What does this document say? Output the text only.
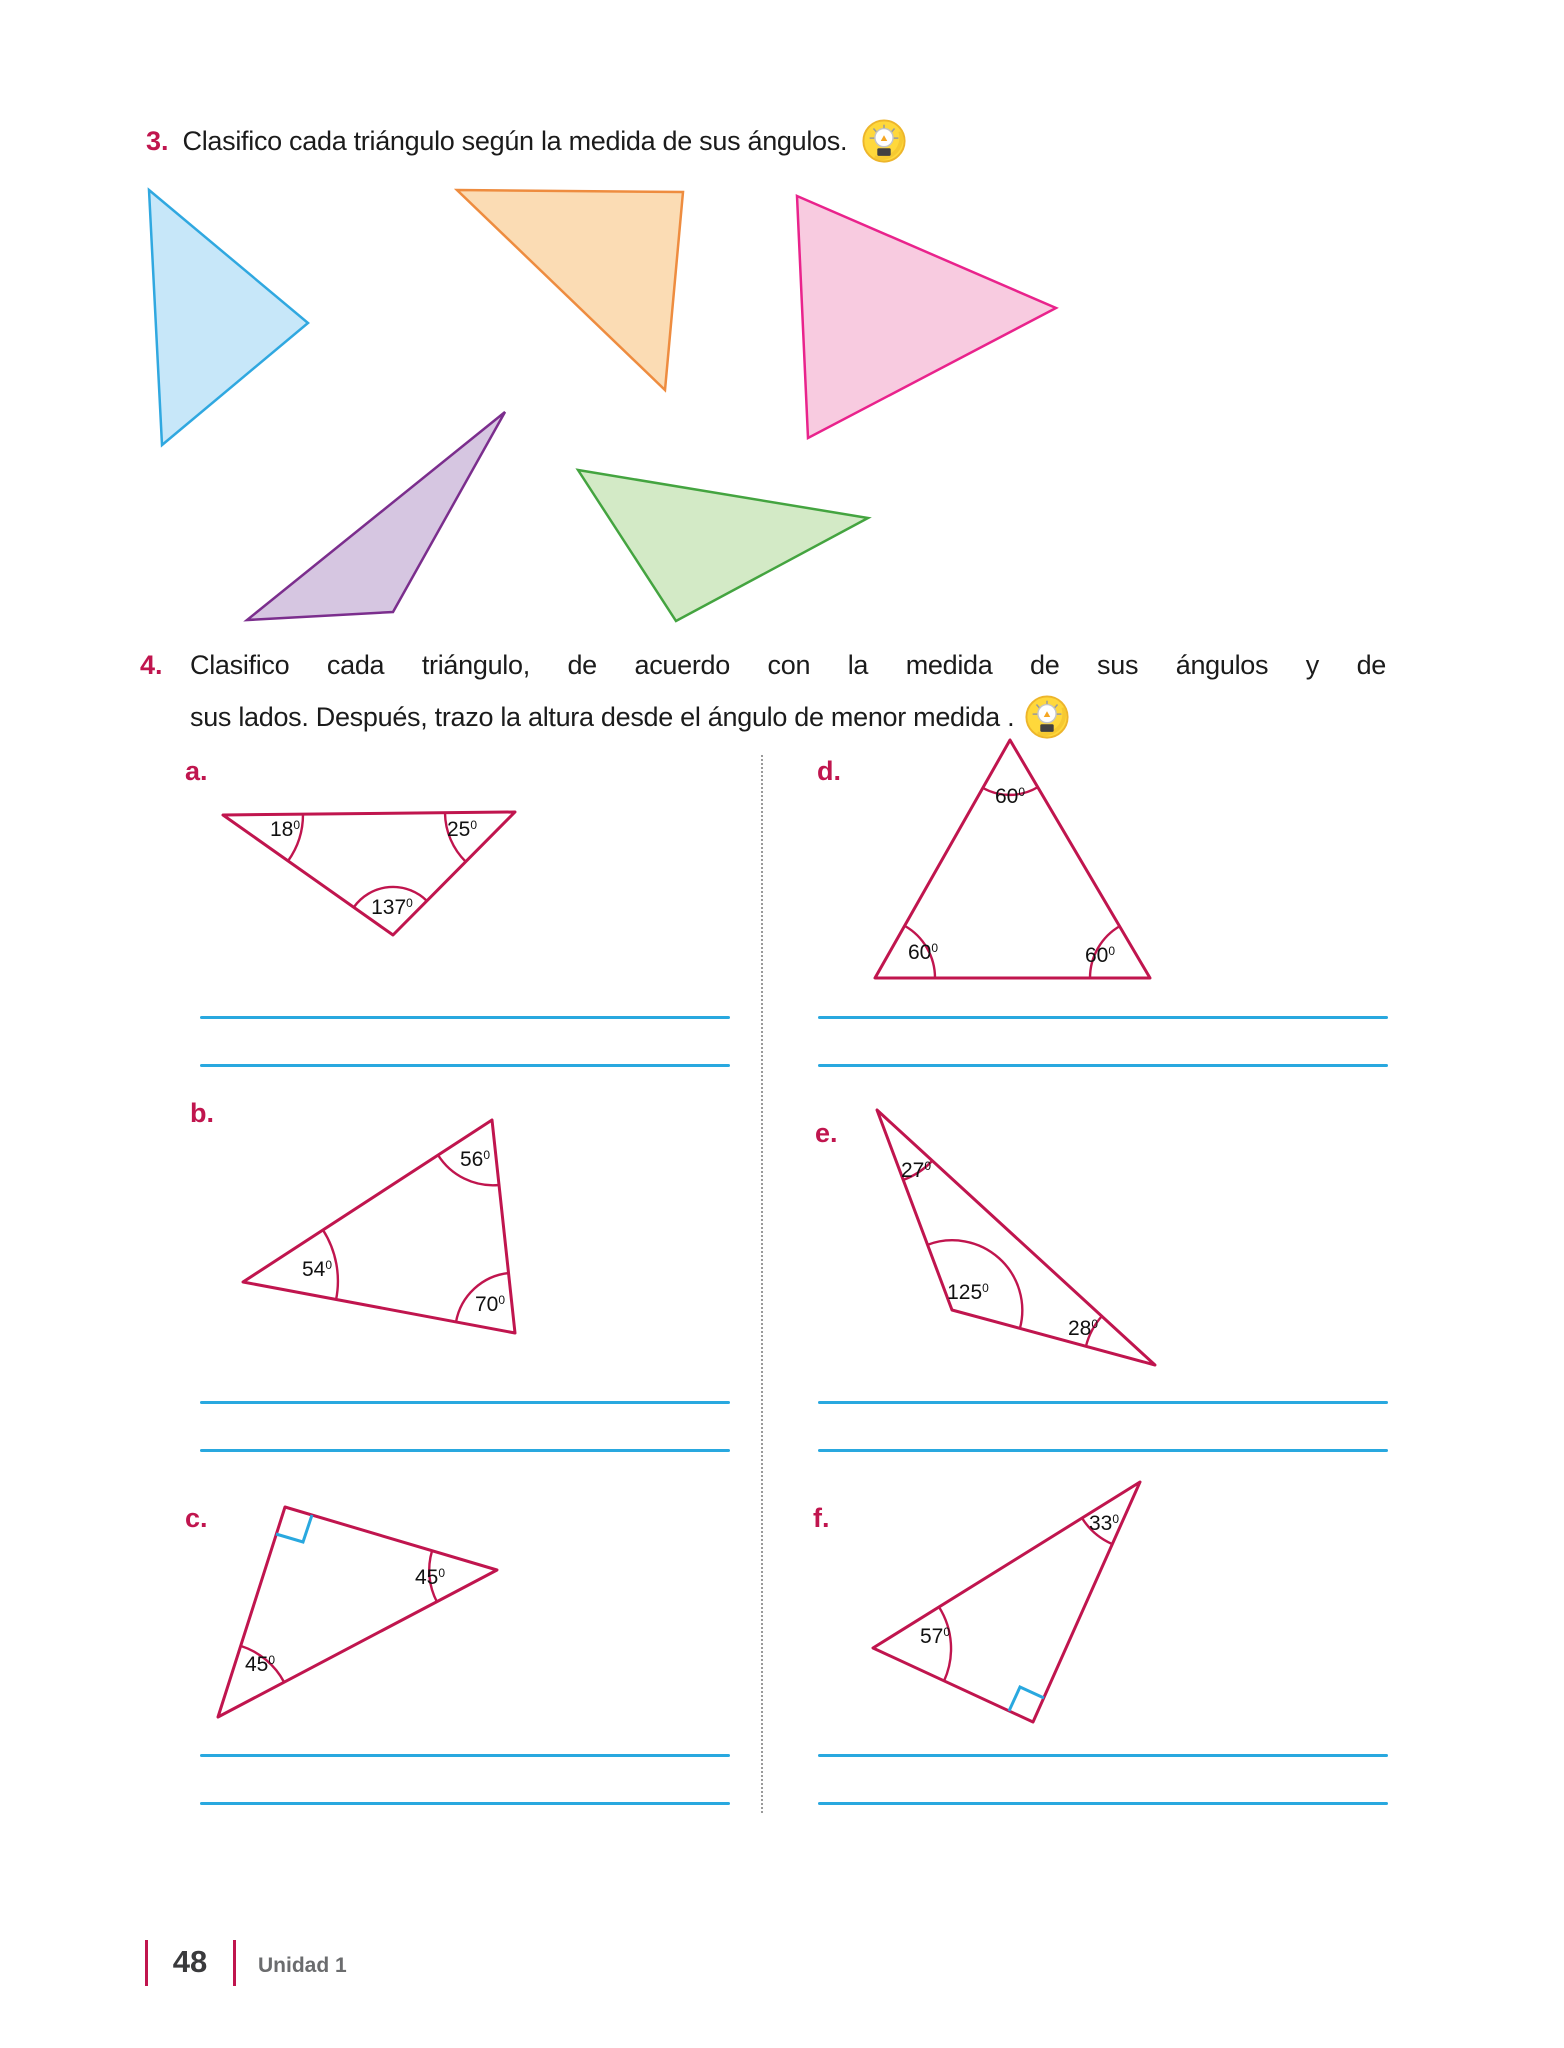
3. Clasifico cada triángulo según la medida de sus ángulos.
4. Clasifico cada triángulo, de acuerdo con la medida de sus ángulos y de
sus lados. Después, trazo la altura desde el ángulo de menor medida .
a.	d.
b.
e.
c.	f.
$18^0$	$25^0$
$137^0$
$60^0$
$60^0$	$60^0$
$54^0$
$56^0$
$70^0$
$27^0$
$125^0$
$28^0$
$45^0$
$45^0$
$33^0$
$57^0$
48	Unidad 1
